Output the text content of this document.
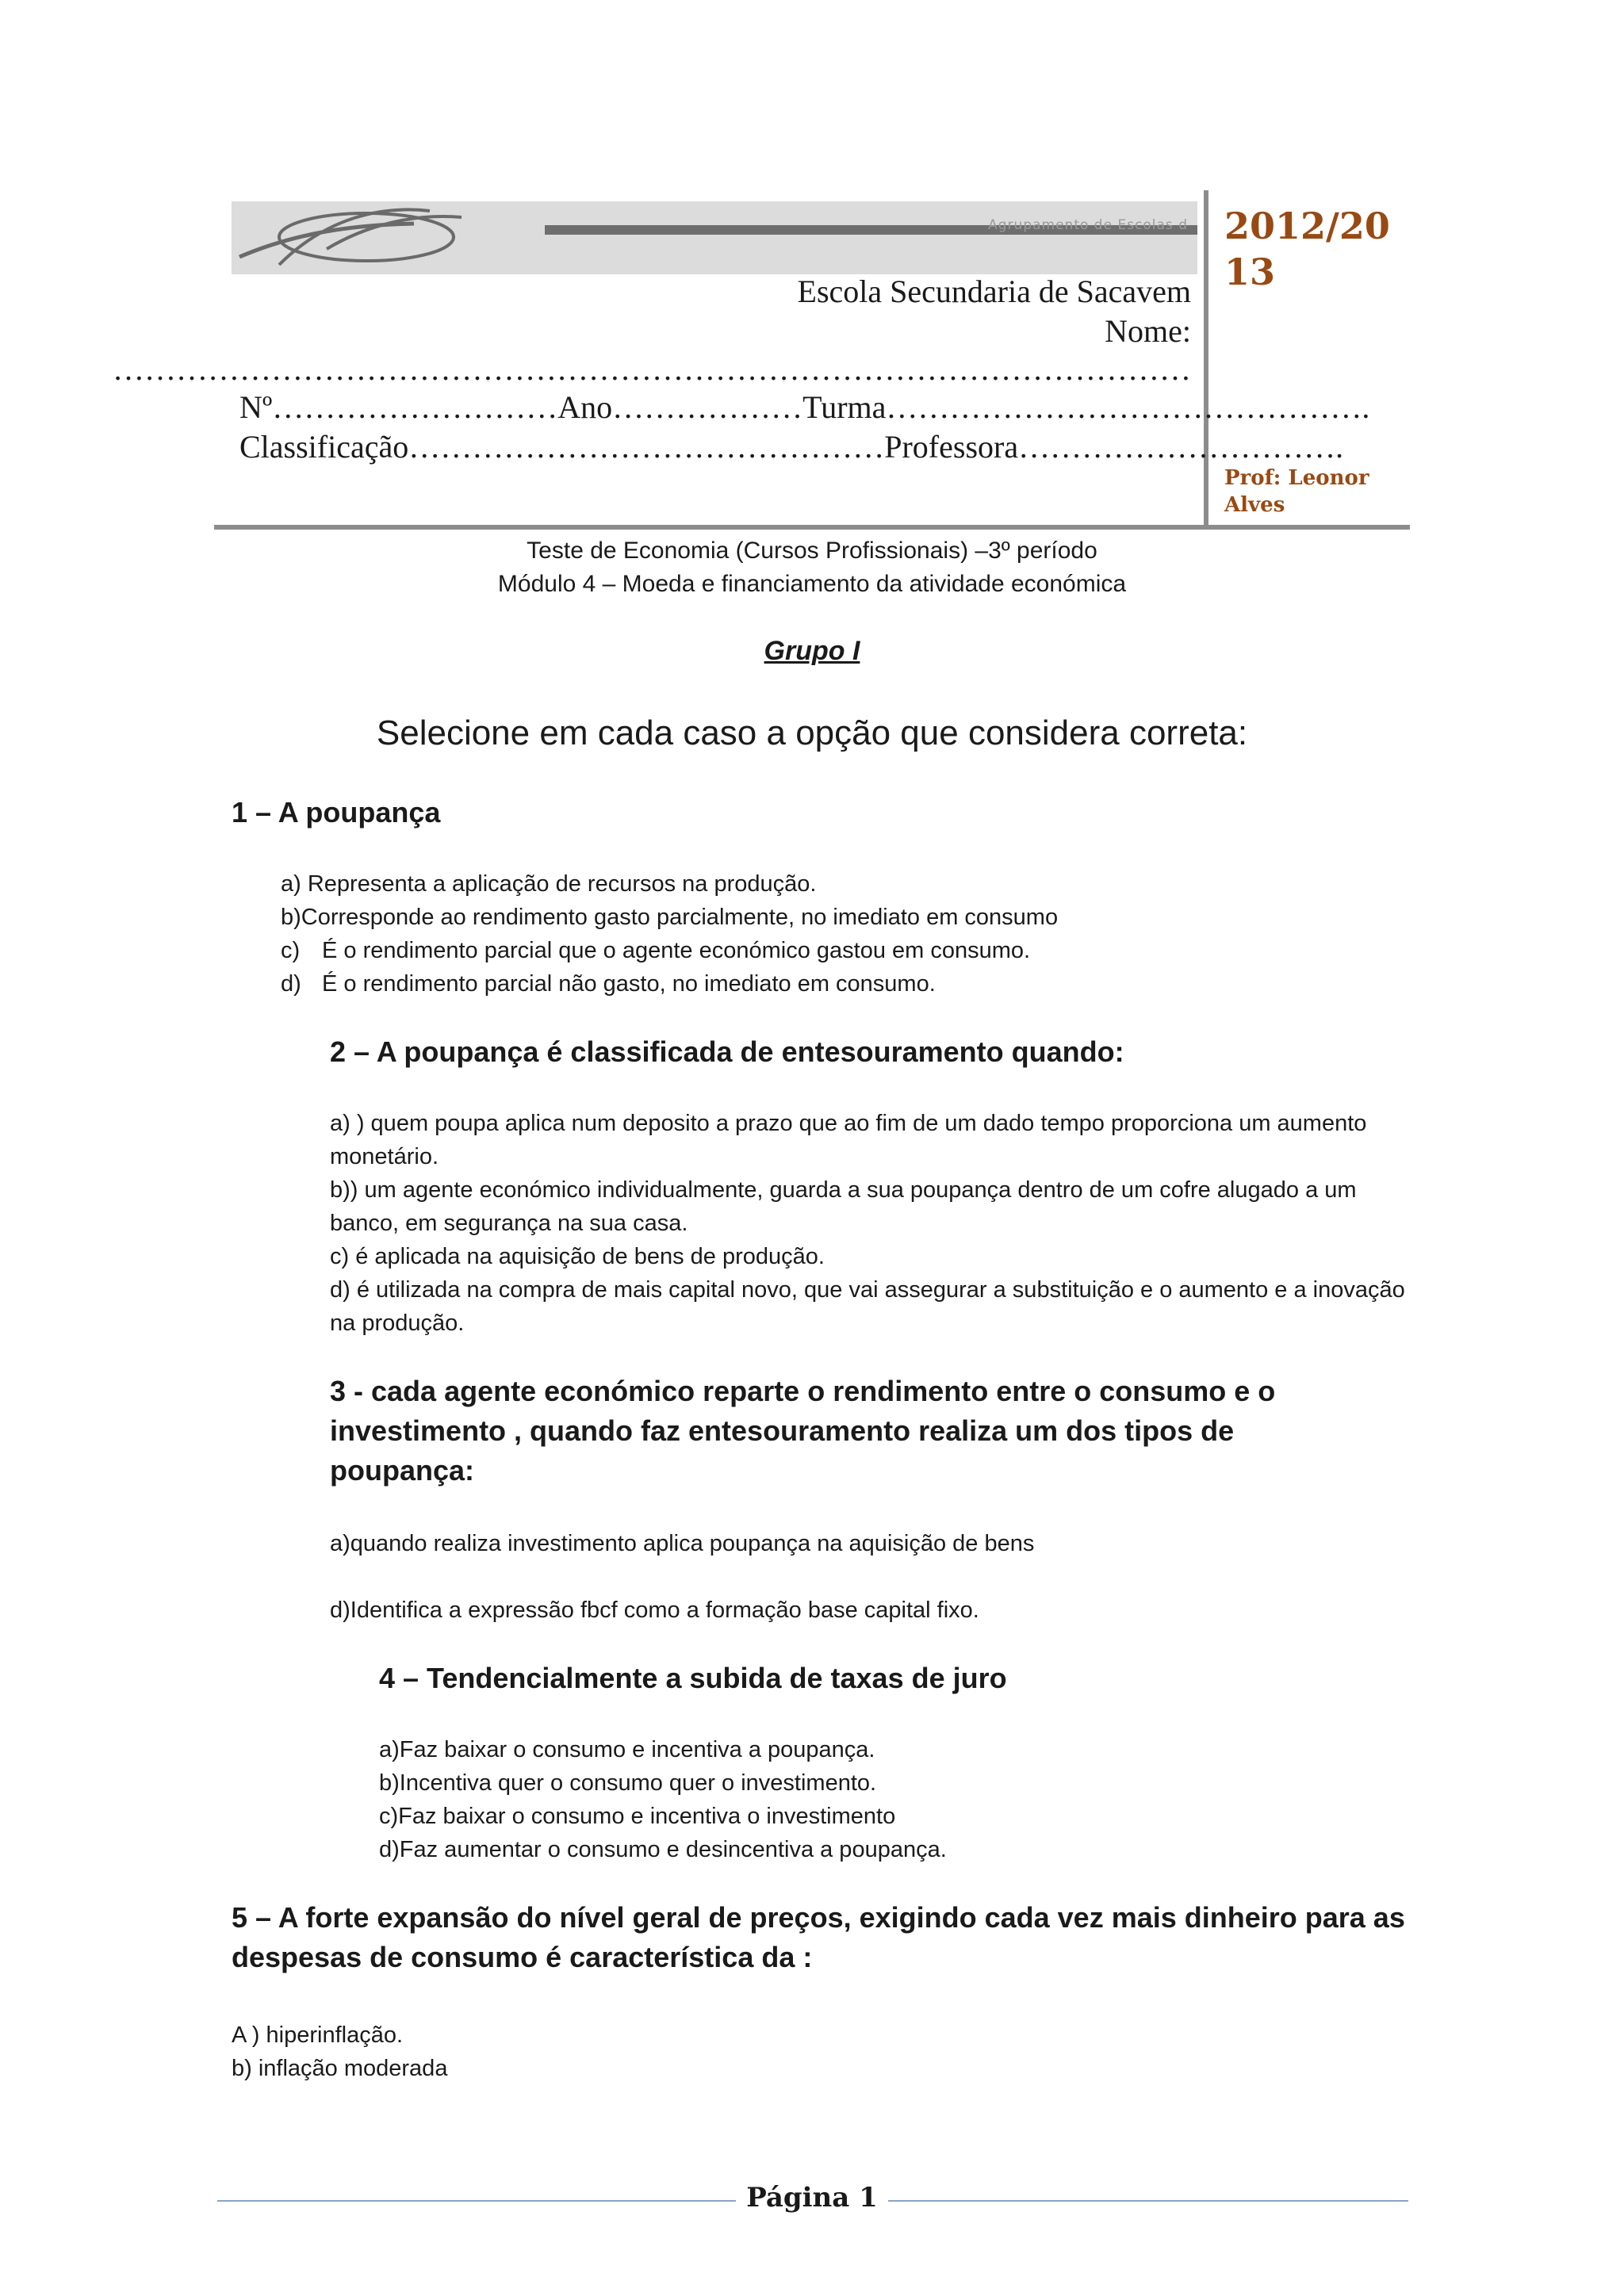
Agrupamento de Escolas d 2012/2013
Prof: Leonor Alves
Escola Secundaria de Sacavem
Nome:
…………………………………………………………………………………………
Nº………………………Ano………………Turma……………………………………….
Classificação………………………………………Professora………………………….
Teste de Economia (Cursos Profissionais) –3º período
Módulo 4 – Moeda e financiamento da atividade económica
Grupo I
Selecione em cada caso a opção que considera correta:
1 – A poupança
a) Representa a aplicação de recursos na produção.
b)Corresponde ao rendimento gasto parcialmente, no imediato em consumo
c) É o rendimento parcial que o agente económico gastou em consumo.
d) É o rendimento parcial não gasto, no imediato em consumo.
2 – A poupança é classificada de entesouramento quando:
a) ) quem poupa aplica num deposito a prazo que ao fim de um dado tempo proporciona um aumento monetário.
b)) um agente económico individualmente, guarda a sua poupança dentro de um cofre alugado a um banco, em segurança na sua casa.
c) é aplicada na aquisição de bens de produção.
d) é utilizada na compra de mais capital novo, que vai assegurar a substituição e o aumento e a inovação na produção.
3 - cada agente económico reparte o rendimento entre o consumo e o investimento , quando faz entesouramento realiza um dos tipos de poupança:
a)quando realiza investimento aplica poupança na aquisição de bens
d)Identifica a expressão fbcf como a formação base capital fixo.
4 – Tendencialmente a subida de taxas de juro
a)Faz baixar o consumo e incentiva a poupança.
b)Incentiva quer o consumo quer o investimento.
c)Faz baixar o consumo e incentiva o investimento
d)Faz aumentar o consumo e desincentiva a poupança.
5 – A forte expansão do nível geral de preços, exigindo cada vez mais dinheiro para as despesas de consumo é característica da :
A ) hiperinflação.
b) inflação moderada
Página 1
